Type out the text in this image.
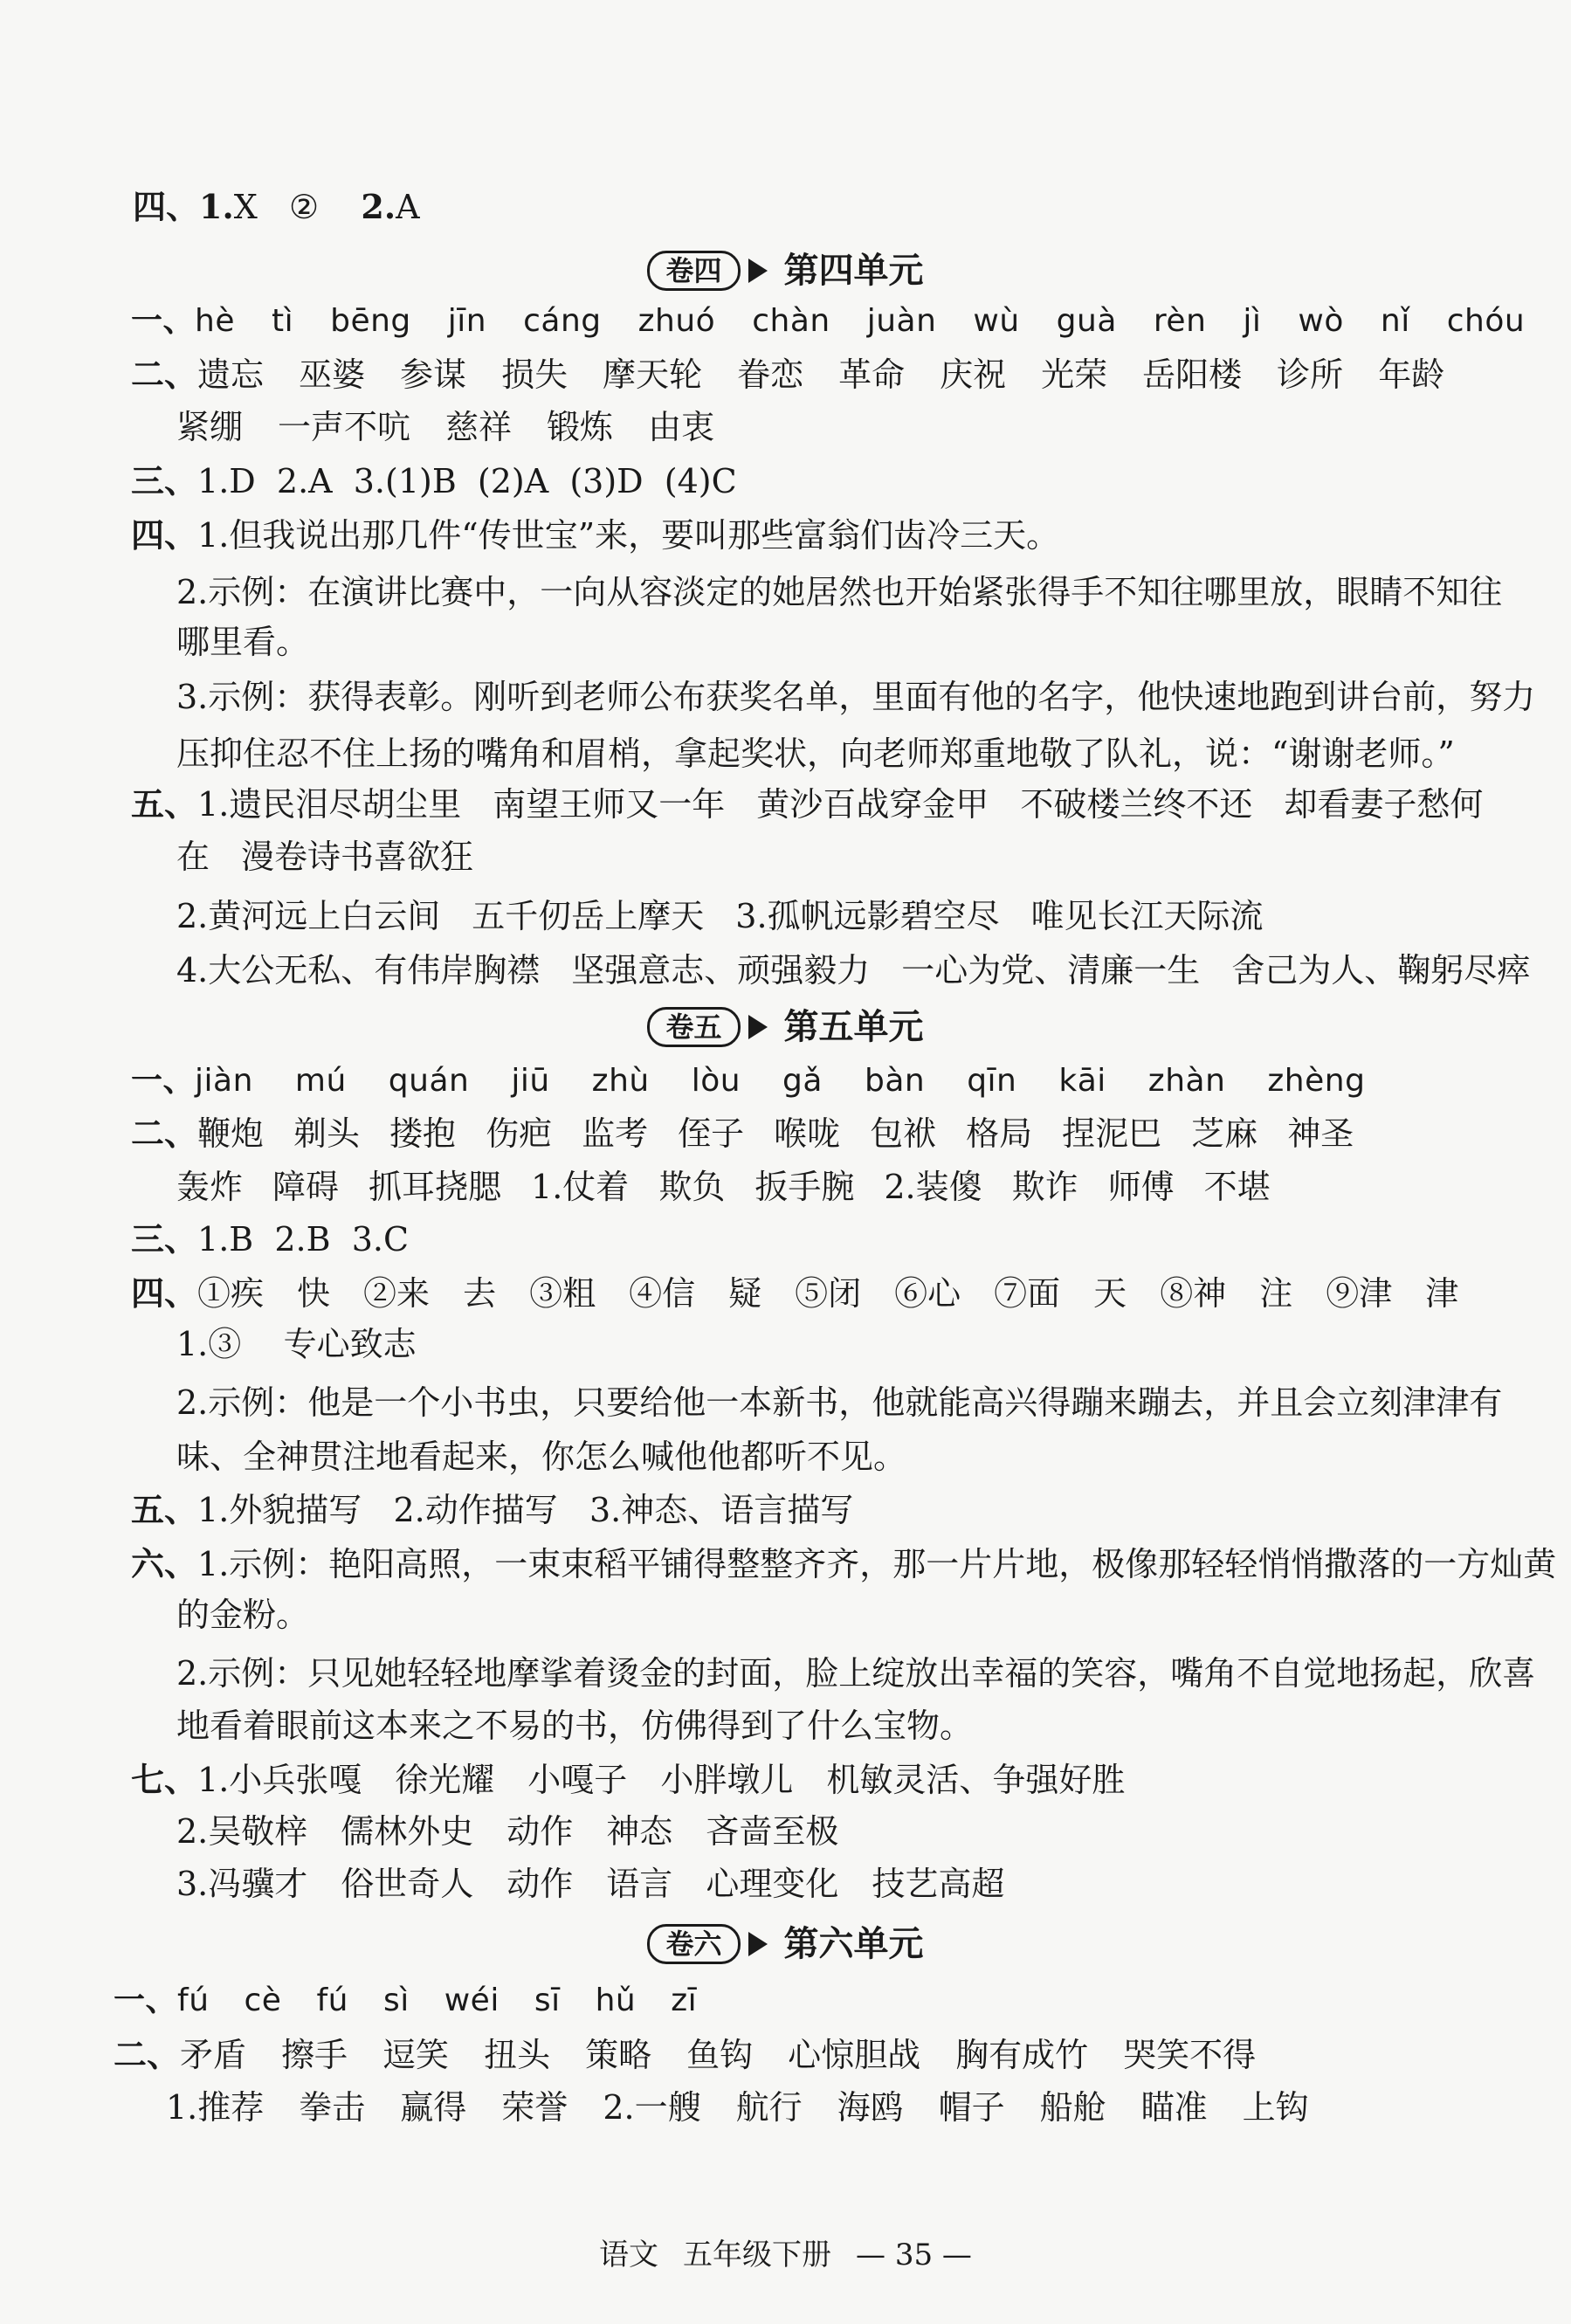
四、1.X ② 2.A
卷四 第四单元
一、hè tì bēng jīn cáng zhuó chàn juàn wù guà rèn jì wò nǐ chóu
二、遗忘 巫婆 参谋 损失 摩天轮 眷恋 革命 庆祝 光荣 岳阳楼 诊所 年龄
紧绷 一声不吭 慈祥 锻炼 由衷
三、1.D  2.A  3.(1)B  (2)A  (3)D  (4)C
四、1.但我说出那几件“传世宝”来，要叫那些富翁们齿冷三天。
2.示例：在演讲比赛中，一向从容淡定的她居然也开始紧张得手不知往哪里放，眼睛不知往
哪里看。
3.示例：获得表彰。刚听到老师公布获奖名单，里面有他的名字，他快速地跑到讲台前，努力
压抑住忍不住上扬的嘴角和眉梢，拿起奖状，向老师郑重地敬了队礼，说：“谢谢老师。”
五、1.遗民泪尽胡尘里 南望王师又一年 黄沙百战穿金甲 不破楼兰终不还 却看妻子愁何
在 漫卷诗书喜欲狂
2.黄河远上白云间 五千仞岳上摩天 3.孤帆远影碧空尽 唯见长江天际流
4.大公无私、有伟岸胸襟 坚强意志、顽强毅力 一心为党、清廉一生 舍己为人、鞠躬尽瘁
卷五 第五单元
一、jiàn mú quán jiū zhù lòu gǎ bàn qīn kāi zhàn zhèng
二、鞭炮 剃头 搂抱 伤疤 监考 侄子 喉咙 包袱 格局 捏泥巴 芝麻 神圣
轰炸 障碍 抓耳挠腮 1.仗着 欺负 扳手腕 2.装傻 欺诈 师傅 不堪
三、1.B  2.B  3.C
四、①疾 快 ②来 去 ③粗 ④信 疑 ⑤闭 ⑥心 ⑦面 天 ⑧神 注 ⑨津 津
1.③    专心致志
2.示例：他是一个小书虫，只要给他一本新书，他就能高兴得蹦来蹦去，并且会立刻津津有
味、全神贯注地看起来，你怎么喊他他都听不见。
五、1.外貌描写   2.动作描写   3.神态、语言描写
六、1.示例：艳阳高照，一束束稻平铺得整整齐齐，那一片片地，极像那轻轻悄悄撒落的一方灿黄
的金粉。
2.示例：只见她轻轻地摩挲着烫金的封面，脸上绽放出幸福的笑容，嘴角不自觉地扬起，欣喜
地看着眼前这本来之不易的书，仿佛得到了什么宝物。
七、1.小兵张嘎 徐光耀 小嘎子 小胖墩儿 机敏灵活、争强好胜
2.吴敬梓 儒林外史 动作 神态 吝啬至极
3.冯骥才 俗世奇人 动作 语言 心理变化 技艺高超
卷六 第六单元
一、fú cè fú sì wéi sī hǔ zī
二、矛盾 擦手 逗笑 扭头 策略 鱼钩 心惊胆战 胸有成竹 哭笑不得
1.推荐 拳击 赢得 荣誉 2.一艘 航行 海鸥 帽子 船舱 瞄准 上钩
语文 五年级下册 — 35 —
